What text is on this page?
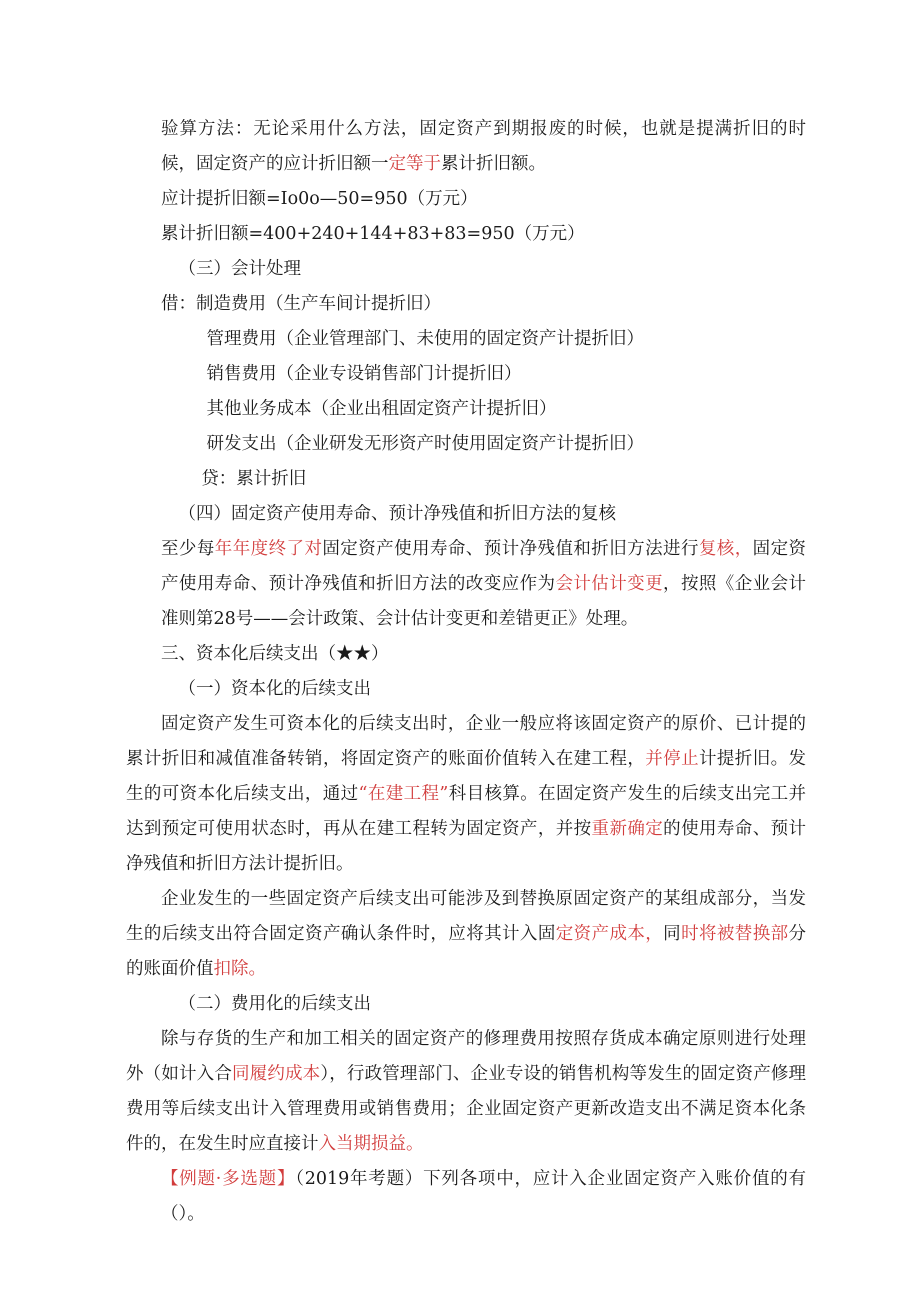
验算方法：无论采用什么方法，固定资产到期报废的时候，也就是提满折旧的时候，固定资产的应计折旧额一定等于累计折旧额。

应计提折旧额=Io0o—50=950（万元）

累计折旧额=400+240+144+83+83=950（万元）

（三）会计处理

借：制造费用（生产车间计提折旧）

管理费用（企业管理部门、未使用的固定资产计提折旧）

销售费用（企业专设销售部门计提折旧）

其他业务成本（企业出租固定资产计提折旧）

研发支出（企业研发无形资产时使用固定资产计提折旧）

贷：累计折旧

（四）固定资产使用寿命、预计净残值和折旧方法的复核

至少每年年度终了对固定资产使用寿命、预计净残值和折旧方法进行复核，固定资产使用寿命、预计净残值和折旧方法的改变应作为会计估计变更，按照《企业会计准则第28号——会计政策、会计估计变更和差错更正》处理。

三、资本化后续支出（★★）

（一）资本化的后续支出

固定资产发生可资本化的后续支出时，企业一般应将该固定资产的原价、已计提的累计折旧和减值准备转销，将固定资产的账面价值转入在建工程，并停止计提折旧。发生的可资本化后续支出，通过“在建工程”科目核算。在固定资产发生的后续支出完工并达到预定可使用状态时，再从在建工程转为固定资产，并按重新确定的使用寿命、预计净残值和折旧方法计提折旧。

企业发生的一些固定资产后续支出可能涉及到替换原固定资产的某组成部分，当发生的后续支出符合固定资产确认条件时，应将其计入固定资产成本，同时将被替换部分的账面价值扣除。

（二）费用化的后续支出

除与存货的生产和加工相关的固定资产的修理费用按照存货成本确定原则进行处理外（如计入合同履约成本），行政管理部门、企业专设的销售机构等发生的固定资产修理费用等后续支出计入管理费用或销售费用；企业固定资产更新改造支出不满足资本化条件的，在发生时应直接计入当期损益。

【例题·多选题】（2019年考题）下列各项中，应计入企业固定资产入账价值的有（）。
